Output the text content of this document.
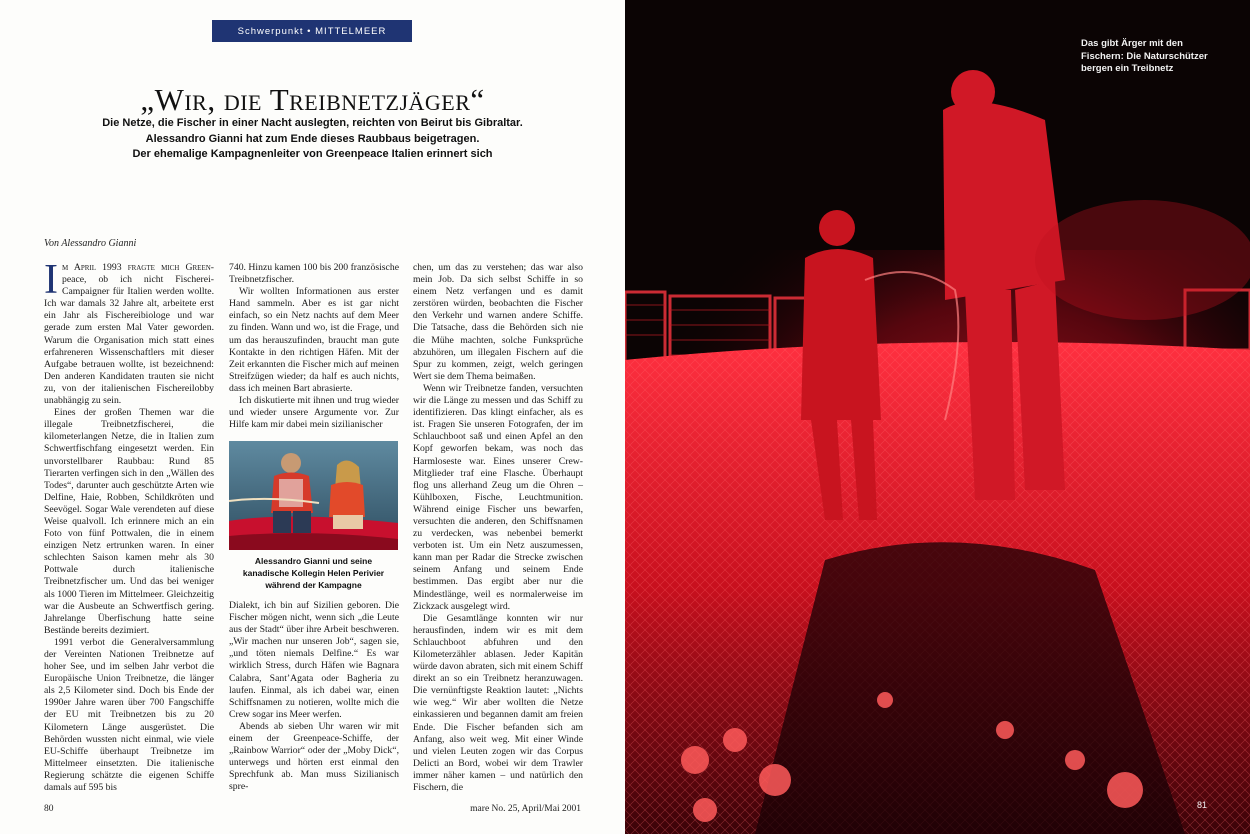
Schwerpunkt • MITTELMEER
„Wir, die Treibnetzjäger“
Die Netze, die Fischer in einer Nacht auslegten, reichten von Beirut bis Gibraltar.
Alessandro Gianni hat zum Ende dieses Raubbaus beigetragen.
Der ehemalige Kampagnenleiter von Greenpeace Italien erinnert sich
Von Alessandro Gianni

Im April 1993 fragte mich Green- peace, ob ich nicht Fischerei-Campaigner für Italien werden wollte. Ich war damals 32 Jahre alt, arbeitete erst ein Jahr als Fischereibiologe und war gerade zum ersten Mal Vater geworden. Warum die Organisation mich statt eines erfahreneren Wissenschaftlers mit dieser Aufgabe betrauen wollte, ist bezeichnend: Den anderen Kandidaten trauten sie nicht zu, von der italienischen Fischereilobby unabhängig zu sein.

Eines der großen Themen war die illegale Treibnetzfischerei, die kilometerlangen Netze, die in Italien zum Schwertfischfang eingesetzt werden. Ein unvorstellbarer Raubbau: Rund 85 Tierarten verfingen sich in den „Wällen des Todes“, darunter auch geschützte Arten wie Delfine, Haie, Robben, Schildkröten und Seevögel. Sogar Wale verendeten auf diese Weise qualvoll. Ich erinnere mich an ein Foto von fünf Pottwalen, die in einem einzigen Netz ertrunken waren. In einer schlechten Saison kamen mehr als 30 Pottwale durch italienische Treibnetzfischer um. Und das bei weniger als 1000 Tieren im Mittelmeer. Gleichzeitig war die Ausbeute an Schwertfisch gering. Jahrelange Überfischung hatte seine Bestände bereits dezimiert.

1991 verbot die Generalversammlung der Vereinten Nationen Treibnetze auf hoher See, und im selben Jahr verbot die Europäische Union Treibnetze, die länger als 2,5 Kilometer sind. Doch bis Ende der 1990er Jahre waren über 700 Fangschiffe der EU mit Treibnetzen bis zu 20 Kilometern Länge ausgerüstet. Die Behörden wussten nicht einmal, wie viele EU-Schiffe überhaupt Treibnetze im Mittelmeer einsetzten. Die italienische Regierung schätzte die eigenen Schiffe damals auf 595 bis

740. Hinzu kamen 100 bis 200 französische Treibnetzfischer.

Wir wollten Informationen aus erster Hand sammeln. Aber es ist gar nicht einfach, so ein Netz nachts auf dem Meer zu finden. Wann und wo, ist die Frage, und um das herauszufinden, braucht man gute Kontakte in den richtigen Häfen. Mit der Zeit erkannten die Fischer mich auf meinen Streifzügen wieder; da half es auch nichts, dass ich meinen Bart abrasierte.

Ich diskutierte mit ihnen und trug wieder und wieder unsere Argumente vor. Zur Hilfe kam mir dabei mein sizilianischer

Alessandro Gianni und seine
kanadische Kollegin Helen Perivier
während der Kampagne

Dialekt, ich bin auf Sizilien geboren. Die Fischer mögen nicht, wenn sich „die Leute aus der Stadt“ über ihre Arbeit beschweren. „Wir machen nur unseren Job“, sagen sie, „und töten niemals Delfine.“ Es war wirklich Stress, durch Häfen wie Bagnara Calabra, Sant’Agata oder Bagheria zu laufen. Einmal, als ich dabei war, einen Schiffsnamen zu notieren, wollte mich die Crew sogar ins Meer werfen.

Abends ab sieben Uhr waren wir mit einem der Greenpeace-Schiffe, der „Rainbow Warrior“ oder der „Moby Dick“, unterwegs und hörten erst einmal den Sprechfunk ab. Man muss Sizilianisch spre-

chen, um das zu verstehen; das war also mein Job. Da sich selbst Schiffe in so einem Netz verfangen und es damit zerstören würden, beobachten die Fischer den Verkehr und warnen andere Schiffe. Die Tatsache, dass die Behörden sich nie die Mühe machten, solche Funksprüche abzuhören, um illegalen Fischern auf die Spur zu kommen, zeigt, welch geringen Wert sie dem Thema beimaßen.

Wenn wir Treibnetze fanden, versuchten wir die Länge zu messen und das Schiff zu identifizieren. Das klingt einfacher, als es ist. Fragen Sie unseren Fotografen, der im Schlauchboot saß und einen Apfel an den Kopf geworfen bekam, was noch das Harmloseste war. Eines unserer Crew-Mitglieder traf eine Flasche. Überhaupt flog uns allerhand Zeug um die Ohren – Kühlboxen, Fische, Leuchtmunition. Während einige Fischer uns bewarfen, versuchten die anderen, den Schiffsnamen zu verdecken, was nebenbei bemerkt verboten ist. Um ein Netz auszumessen, kann man per Radar die Strecke zwischen seinem Anfang und seinem Ende bestimmen. Das ergibt aber nur die Mindestlänge, weil es normalerweise im Zickzack ausgelegt wird.

Die Gesamtlänge konnten wir nur herausfinden, indem wir es mit dem Schlauchboot abfuhren und den Kilometerzähler ablasen. Jeder Kapitän würde davon abraten, sich mit einem Schiff direkt an so ein Treibnetz heranzuwagen. Die vernünftigste Reaktion lautet: „Nichts wie weg.“ Wir aber wollten die Netze einkassieren und begannen damit am freien Ende. Die Fischer befanden sich am Anfang, also weit weg. Mit einer Winde und vielen Leuten zogen wir das Corpus Delicti an Bord, wobei wir dem Trawler immer näher kamen – und natürlich den Fischern, die

80	mare No. 25, April/Mai 2001
Das gibt Ärger mit den
Fischern: Die Naturschützer
bergen ein Treibnetz
81
